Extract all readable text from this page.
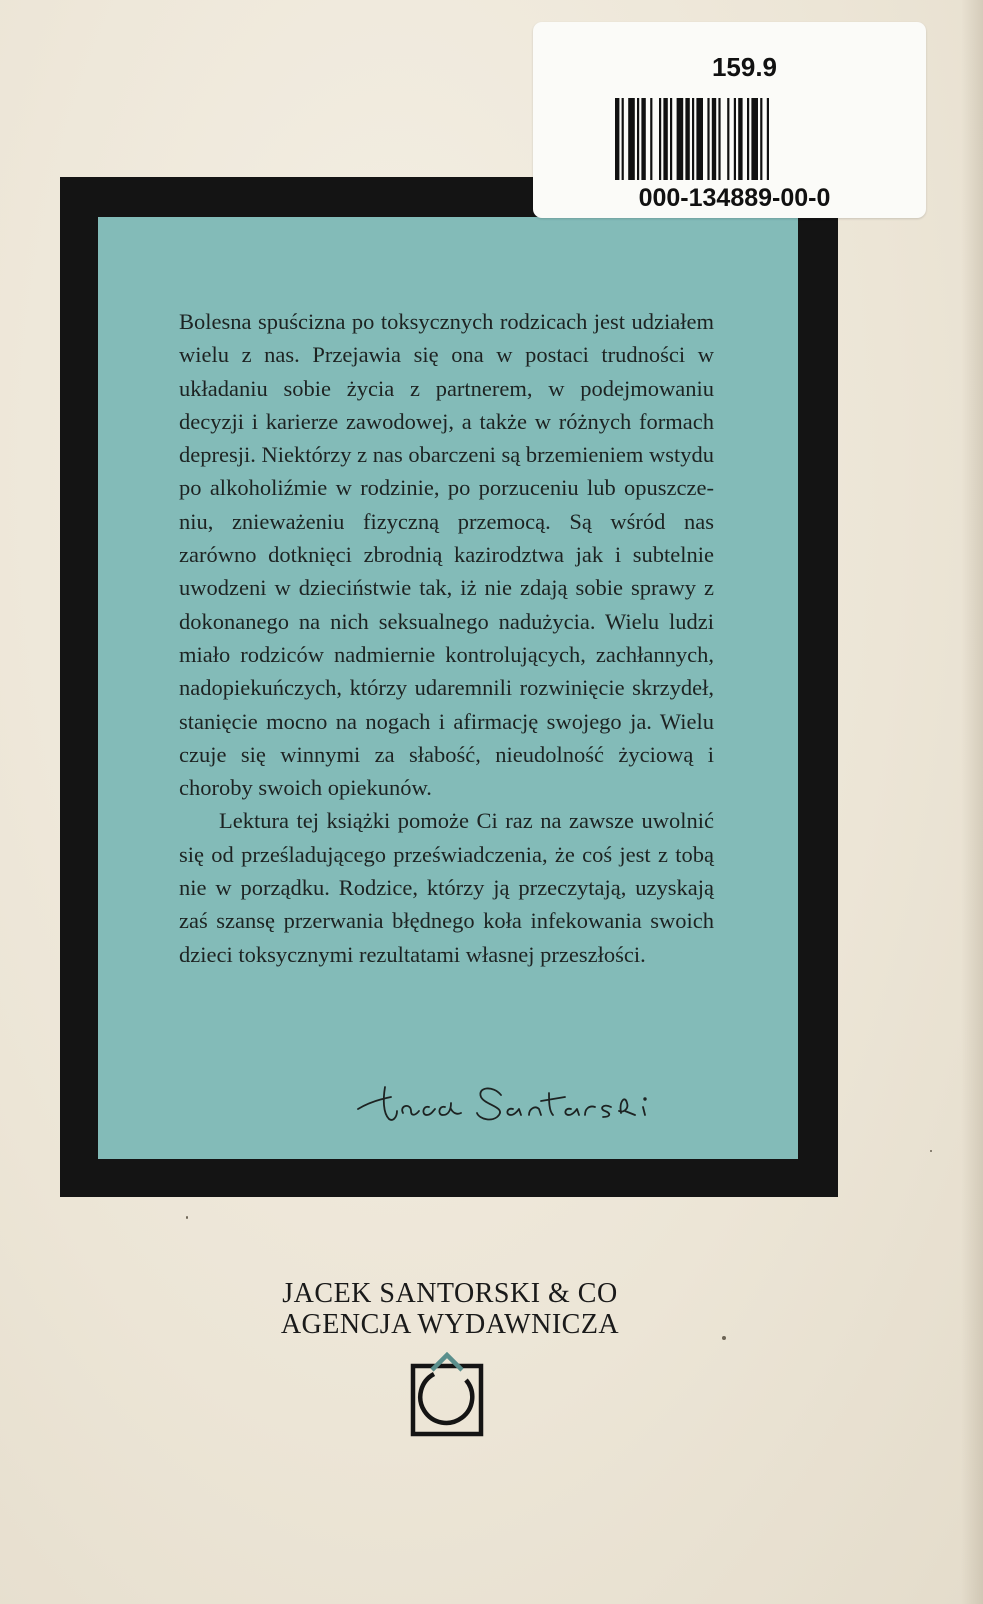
Bolesna spuścizna po toksycznych rodzicach jest udziałem wielu z nas. Przejawia się ona w postaci trudności w układaniu sobie życia z partnerem, w podejmowaniu decyzji i karierze zawodowej, a także w różnych formach depresji. Niektórzy z nas obarczeni są brzemieniem wstydu po alkoholiźmie w rodzinie, po porzuceniu lub opuszczeniu, znieważeniu fizyczną przemocą. Są wśród nas zarówno dotknięci zbrodnią kazirodztwa jak i subtelnie uwodzeni w dzieciństwie tak, iż nie zdają sobie sprawy z dokonanego na nich seksualnego nadużycia. Wielu ludzi miało rodziców nadmiernie kontrolujących, zachłannych, nadopiekuńczych, którzy udaremnili rozwinięcie skrzydeł, stanięcie mocno na nogach i afirmację swojego ja. Wielu czuje się winnymi za słabość, nieudolność życiową i choroby swoich opiekunów.

Lektura tej książki pomoże Ci raz na zawsze uwolnić się od prześladującego przeświadczenia, że coś jest z tobą nie w porządku. Rodzice, którzy ją przeczytają, uzyskają zaś szansę przerwania błędnego koła infekowania swoich dzieci toksycznymi rezultatami własnej przeszłości.

159.9
000-134889-00-0
JACEK SANTORSKI & CO
AGENCJA WYDAWNICZA
